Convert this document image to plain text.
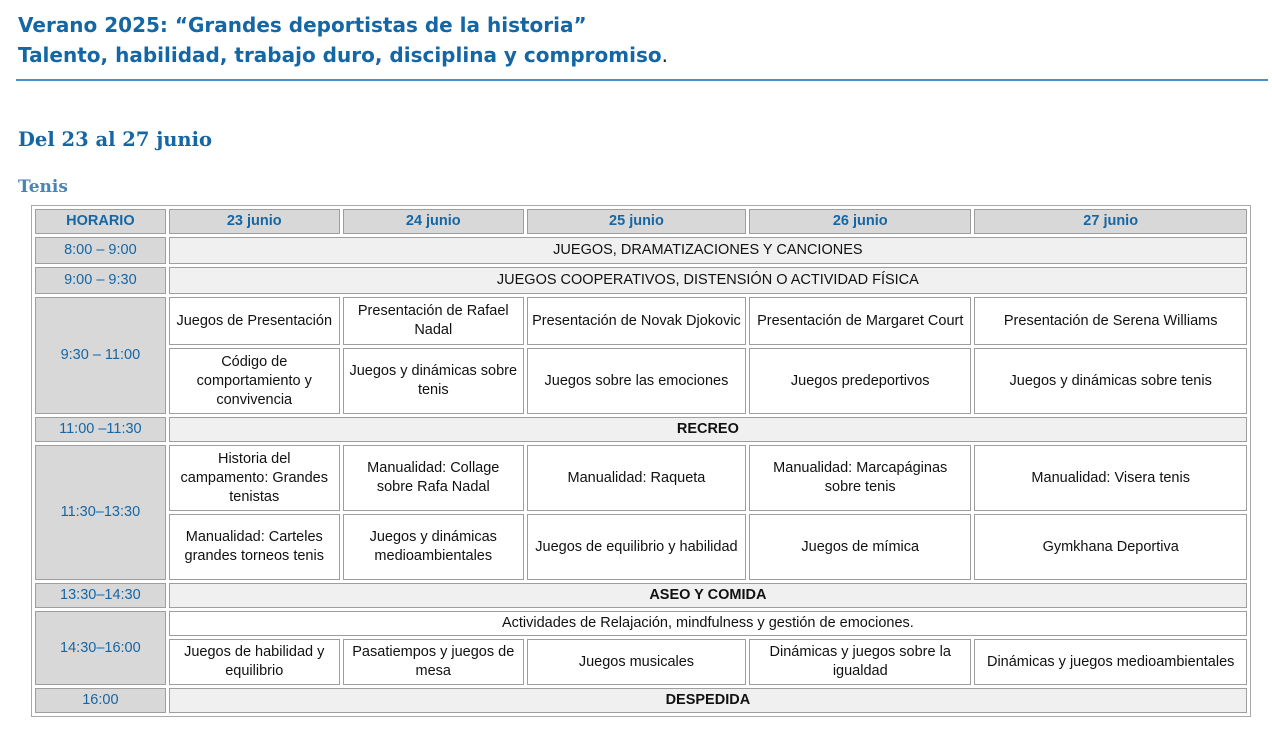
Verano 2025: “Grandes deportistas de la historia”
Talento, habilidad, trabajo duro, disciplina y compromiso.
Del 23 al 27 junio
Tenis
HORARIO	23 junio	24 junio	25 junio	26 junio	27 junio
8:00 – 9:00	JUEGOS, DRAMATIZACIONES Y CANCIONES				
9:00 – 9:30	JUEGOS COOPERATIVOS, DISTENSIÓN O ACTIVIDAD FÍSICA				
9:30 – 11:00	Juegos de Presentación	Presentación de Rafael Nadal	Presentación de Novak Djokovic	Presentación de Margaret Court	Presentación de Serena Williams
	Código de comportamiento y convivencia	Juegos y dinámicas sobre tenis	Juegos sobre las emociones	Juegos predeportivos	Juegos y dinámicas sobre tenis
11:00 –11:30	RECREO				
11:30–13:30	Historia del campamento: Grandes tenistas	Manualidad: Collage sobre Rafa Nadal	Manualidad: Raqueta	Manualidad: Marcapáginas sobre tenis	Manualidad: Visera tenis
	Manualidad: Carteles grandes torneos tenis	Juegos y dinámicas medioambientales	Juegos de equilibrio y habilidad	Juegos de mímica	Gymkhana Deportiva
13:30–14:30	ASEO Y COMIDA				
14:30–16:00	Actividades de Relajación, mindfulness y gestión de emociones.				
	Juegos de habilidad y equilibrio	Pasatiempos y juegos de mesa	Juegos musicales	Dinámicas y juegos sobre la igualdad	Dinámicas y juegos medioambientales
16:00	DESPEDIDA				
